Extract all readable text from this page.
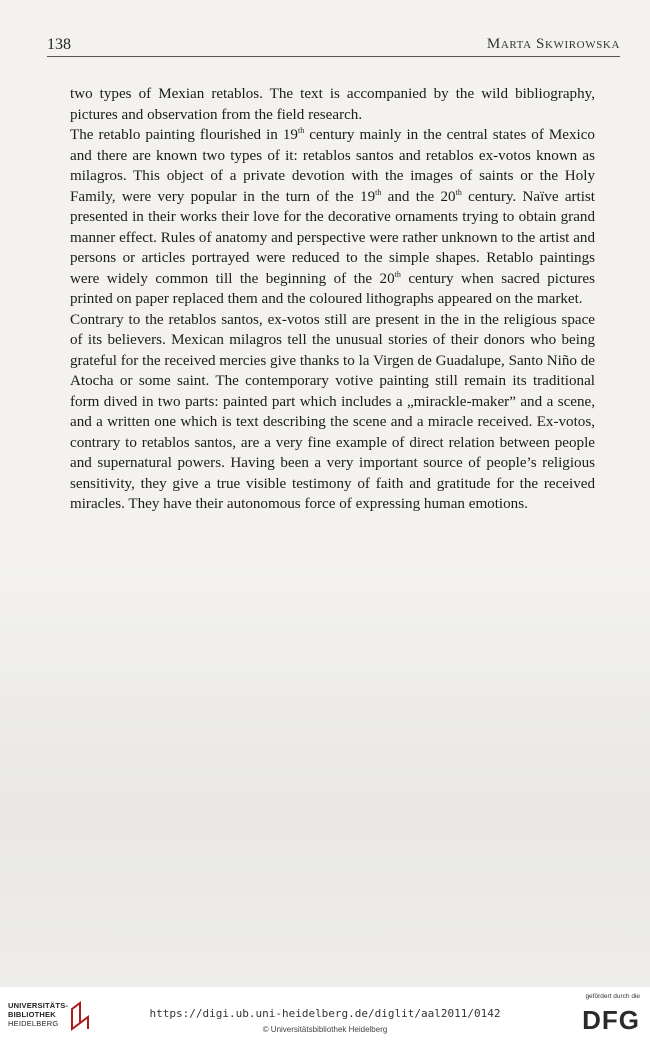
138	Marta Skwirowska

two types of Mexian retablos. The text is accompanied by the wild bibliography, pictures and observation from the field research.

The retablo painting flourished in 19th century mainly in the central states of Mexico and there are known two types of it: retablos santos and retablos ex-votos known as milagros. This object of a private devotion with the images of saints or the Holy Family, were very popular in the turn of the 19th and the 20th century. Naïve artist presented in their works their love for the decorative ornaments trying to obtain grand manner effect. Rules of anatomy and perspective were rather unknown to the artist and persons or articles portrayed were reduced to the simple shapes. Retablo paintings were widely common till the beginning of the 20th century when sacred pictures printed on paper replaced them and the coloured lithographs appeared on the market.

Contrary to the retablos santos, ex-votos still are present in the in the religious space of its believers. Mexican milagros tell the unusual stories of their donors who being grateful for the received mercies give thanks to la Virgen de Guadalupe, Santo Niño de Atocha or some saint. The contemporary votive painting still remain its traditional form dived in two parts: painted part which includes a „mirackle-maker” and a scene, and a written one which is text describing the scene and a miracle received. Ex-votos, contrary to retablos santos, are a very fine example of direct relation between people and supernatural powers. Having been a very important source of people’s religious sensitivity, they give a true visible testimony of faith and gratitude for the received miracles. They have their autonomous force of expressing human emotions.

UNIVERSITÄTS-
BIBLIOTHEK
HEIDELBERG
https://digi.ub.uni-heidelberg.de/diglit/aal2011/0142
© Universitätsbibliothek Heidelberg
gefördert durch die
DFG
